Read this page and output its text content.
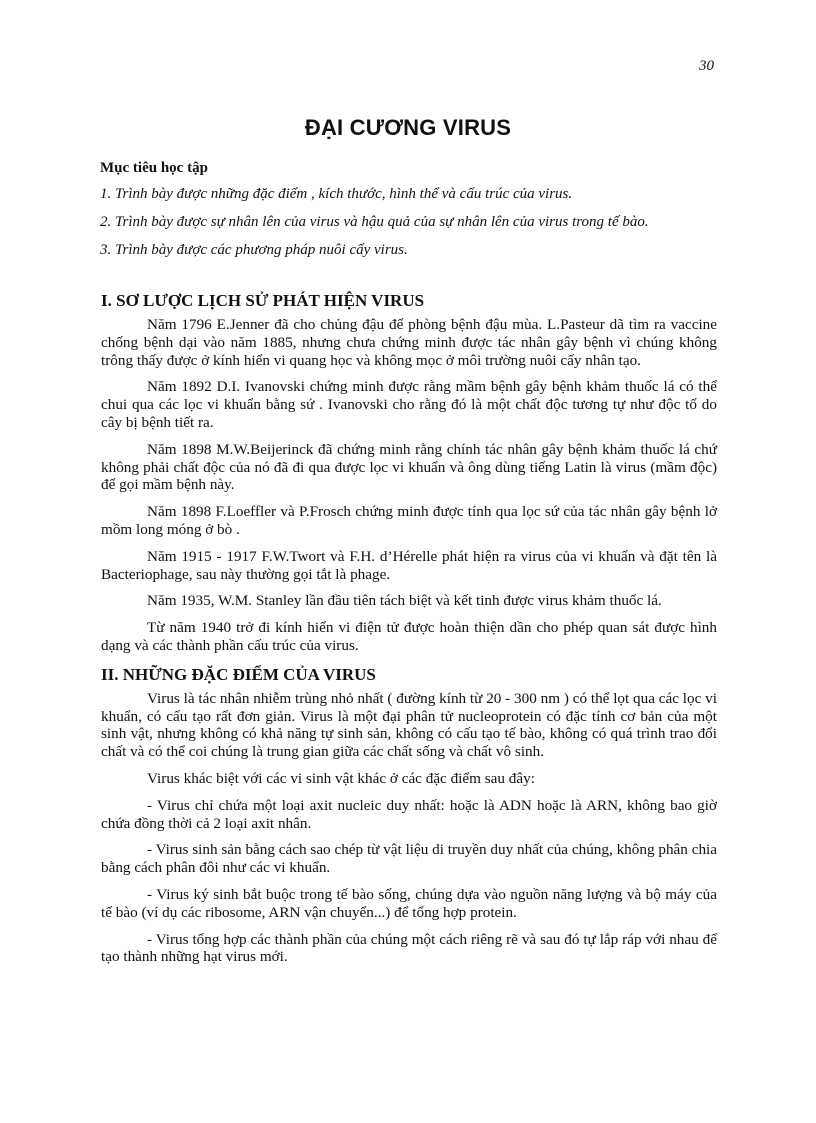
30
ĐẠI CƯƠNG VIRUS
Mục tiêu học tập
1. Trình bày được những đặc điểm , kích thước, hình thể và cấu trúc của virus.
2. Trình bày được sự nhân lên của virus và hậu quả của sự nhân lên của virus trong tế bào.
3. Trình bày được các phương pháp nuôi cấy virus.
I. SƠ LƯỢC LỊCH SỬ PHÁT HIỆN VIRUS

Năm 1796 E.Jenner đã cho chủng đậu để phòng bệnh đậu mùa. L.Pasteur dã tìm ra vaccine chống bệnh dại vào năm 1885, nhưng chưa chứng minh được tác nhân gây bệnh vì chúng không trông thấy được ở kính hiển vi quang học và không mọc ở môi trường nuôi cấy nhân tạo.

Năm 1892 D.I. Ivanovski chứng minh được rằng mầm bệnh gây bệnh khảm thuốc lá có thể chui qua các lọc vi khuẩn bằng sứ . Ivanovski cho rằng đó là một chất độc tương tự như độc tố do cây bị bệnh tiết ra.

Năm 1898 M.W.Beijerinck đã chứng minh rằng chính tác nhân gây bệnh khảm thuốc lá chứ không phải chất độc của nó đã đi qua được lọc vi khuẩn và ông dùng tiếng Latin là virus (mầm độc) để gọi mầm bệnh này.

Năm 1898 F.Loeffler và P.Frosch chứng minh được tính qua lọc sứ của tác nhân gây bệnh lở mồm long móng ở bò .

Năm 1915 - 1917 F.W.Twort và F.H. d’Hérelle phát hiện ra virus của vi khuẩn và đặt tên là Bacteriophage, sau này thường gọi tắt là phage.

Năm 1935, W.M. Stanley lần đầu tiên tách biệt và kết tinh được virus khảm thuốc lá.

Từ năm 1940 trở đi kính hiển vi điện tử được hoàn thiện dần cho phép quan sát được hình dạng và các thành phần cấu trúc của virus.

II. NHỮNG ĐẶC ĐIỂM CỦA VIRUS

Virus là tác nhân nhiễm trùng nhỏ nhất ( đường kính từ 20 - 300 nm ) có thể lọt qua các lọc vi khuẩn, có cấu tạo rất đơn giản. Virus là một đại phân tử nucleoprotein có đặc tính cơ bản của một sinh vật, nhưng không có khả năng tự sinh sản, không có cấu tạo tế bào, không có quá trình trao đổi chất và có thể coi chúng là trung gian giữa các chất sống và chất vô sinh.

Virus khác biệt với các vi sinh vật khác ở các đặc điểm sau đây:

- Virus chỉ chứa một loại axit nucleic duy nhất: hoặc là ADN hoặc là ARN, không bao giờ chứa đồng thời cả 2 loại axit nhân.

- Virus sinh sản bằng cách sao chép từ vật liệu di truyền duy nhất của chúng, không phân chia bằng cách phân đôi như các vi khuẩn.

- Virus ký sinh bắt buộc trong tế bào sống, chúng dựa vào nguồn năng lượng và bộ máy của tế bào (ví dụ các ribosome, ARN vận chuyển...) để tổng hợp protein.

- Virus tổng hợp các thành phần của chúng một cách riêng rẽ và sau đó tự lắp ráp với nhau để tạo thành những hạt virus mới.
